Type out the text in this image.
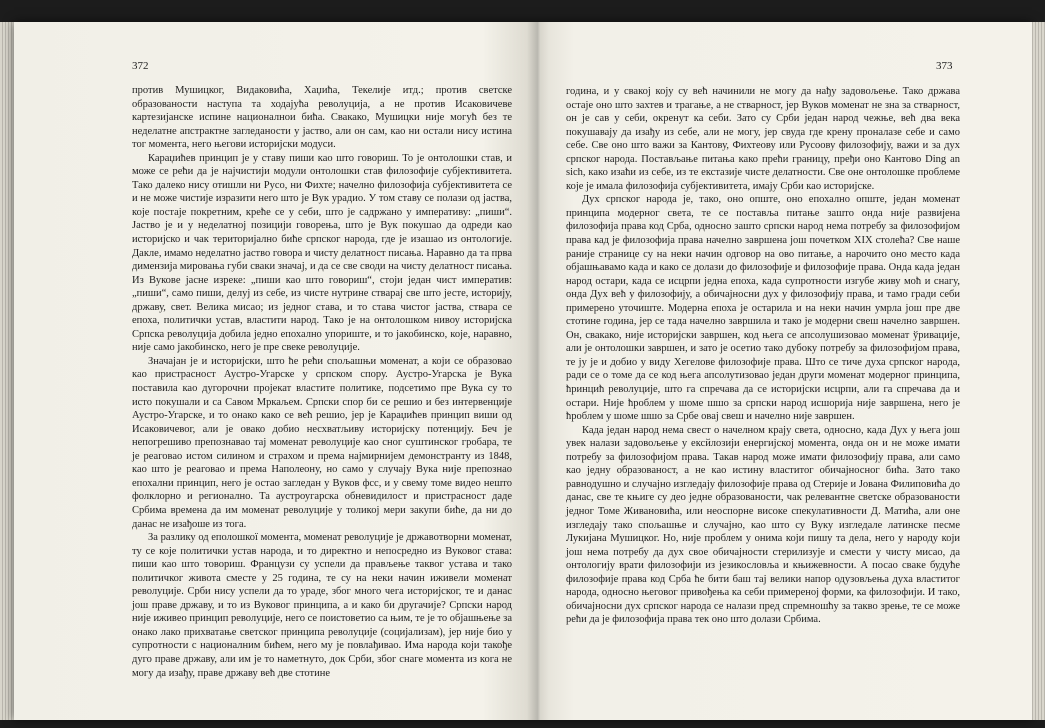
372	373

против Мушицког, Видаковића, Хаџића, Текелије итд.; против светске образованости наступа та ходајућа револуција, а не против Исаковичеве картезијанске испине националнои бића. Свакако, Мушицки није могућ без те неделатне апстрактне загледаности у јаство, али он сам, као ни остали нису истина тог момента, него његови историјски модуси.

Караџићев принцип је у ставу пиши као што говориш. То је онтолошки став, и може се рећи да је најчистији модули онтолошки став филозофије субјективитета. Тако далеко нису отишли ни Русо, ни Фихте; начелно филозофија субјективитета се и не може чистије изразити него што је Вук урадио. У том ставу се полази од јаства, које постаје покретним, креће се у себи, што је садржано у императиву: „пиши“. Јаство је и у неделатној позицији говорења, што је Вук покушао да одреди као историјско и чак територијално биће српског народа, где је изашао из онтологије. Дакле, имамо неделатно јаство говора и чисту делатност писања. Наравно да та прва димензија мировања губи сваки значај, и да се све своди на чисту делатност писања. Из Вукове јасне изреке: „пиши као што говориш“, стоји један чист императив: „пиши“, само пиши, делуј из себе, из чисте нутрине стварај све што јесте, историју, државу, свет. Велика мисао; из једног става, и то става чистог јаства, ствара се епоха, политички устав, властити народ. Тако је на онтолошком нивоу историјска Српска револуција добила једно епохално упориште, и то јакобинско, које, наравно, није само јакобинско, него је пре свеке револуције.

Значајан је и историјски, што ће рећи спољашњи моменат, а који се образовао као пристрасност Аустро-Угарске у српском спору. Аустро-Угарска је Вука поставила као дугорочни пројекат властите политике, подсетимо пре Вука су то исто покушали и са Савом Мркаљем. Српски спор би се решио и без интервенције Аустро-Угарске, и то онако како се већ решио, јер је Караџићев принцип виши од Исаковичевог, али је овако добио несхватљиву историјску потенцију. Беч је непогрешиво препознавао тај моменат револуције као сног суштинског гробара, те је реаговао истом силином и страхом и према најмирнијем демонстранту из 1848, као што је реаговао и према Наполеону, но само у случају Вука није препознао епохални принцип, него је остао загледан у Вуков фсс, и у свему томе видео нешто фолклорно и регионално. Та аустроугарска обневидилост и пристрасност даде Србима времена да им моменат револуције у толикој мери закупи биће, да ни до данас не изађоше из тога.

За разлику од еполошкої момента, моменат револуције је државотворни моменат, ту се које политички устав народа, и то директно и непосредно из Вуковог става: пиши као што товориш. Французи су успели да прављење таквог устава и тако политичког живота сместе у 25 година, те су на неки начин иживели моменат револуције. Срби нису успели да то ураде, због много чега историјског, те и данас још праве државу, и то из Вуковог принципа, а и како би другачије? Српски народ није иживео принцип револуције, него се поистоветио са њим, те је то објашњење за онако лако прихватање светског принципа револуције (социјализам), јер није био у супротности с националним бићем, него му је повлађивао. Има народа који такође дуго праве државу, али им је то наметнуто, док Срби, због снаге момента из кога не могу да изађу, праве државу већ две стотине

година, и у свакој коју су већ начинили не могу да нађу задовољење. Тако држава остаје оно што захтев и трагање, а не стварност, јер Вуков моменат не зна за стварност, он је сав у себи, окренут ка себи. Зато су Срби један народ чежње, већ два века покушавају да изађу из себе, али не могу, јер свуда где крену проналазе себе и само себе. Све оно што важи за Кантову, Фихтеову или Русоову филозофију, важи и за дух српског народа. Постављање питања како прећи границу, пређи оно Кантово Ding an sich, како изаћи из себе, из те екстазије чисте делатности. Све оне онтолошке проблеме које је имала филозофија субјективитета, имају Срби као историјске.

Дух српског народа је, тако, оно опште, оно епохално опште, један моменат принципа модерног света, те се поставља питање зашто онда није развијена филозофија права код Срба, односно зашто српски народ нема потребу за филозофијом права кад је филозофија права начелно завршена још почетком XIX столећа? Све наше раније странице су на неки начин одговор на ово питање, а нарочито оно место када објашњавамо када и како се долази до филозофије и филозофије права. Онда када један народ остари, када се исцрпи једна епоха, када супротности изгубе живу моћ и снагу, онда Дух већ у филозофију, а обичајносни дух у филозофију права, и тамо гради себи примерено уточиште. Модерна епоха је остарила и на неки начин умрла још пре две стотине година, јер се тада начелно завршила и тако је модерни свеш начелно завршен. Он, свакако, није историјски завршен, код њега се апсолушизовао моменат ўривације, али је онтолошки завршен, и зато је осетио тако дубоку потребу за филозофијом права, те ју је и добио у виду Хегелове филозофије права. Што се тиче духа српског народа, ради се о томе да се код њега апсолутизовао један други моменат модерног принципа, ћринцић револуције, што га спречава да се историјски исцрпи, али га спречава да и остари. Није ћроблем у шоме шшо за српски народ исшорија није завршена, него је ћроблем у шоме шшо за Србе овај свеш и начелно није завршен.

Када један народ нема свест о начелном крају света, односно, када Дух у њега још увек налази задовољење у ексйлозији енергијској момента, онда он и не може имати потребу за филозофијом права. Такав народ може имати филозофију права, али само као једну образованост, а не као истину властитог обичајносног бића. Зато тако равнодушно и случајно изгледају филозофије права од Стерије и Јована Филиповића до данас, све те књиге су део једне образованости, чак релевантне светске образованости једног Томе Живановића, или неоспорне високе спекулативности Д. Матића, али оне изгледају тако спољашње и случајно, као што су Вуку изгледале латинске песме Лукијана Мушицког. Но, није проблем у онима који пишу та дела, него у народу који још нема потребу да дух свое обичајности стерилизује и смести у чисту мисао, да онтологију врати филозофији из језикословља и књижевности. А посао свакe будуће филозофије права код Срба ће бити баш тај велики напор одузовљења духа властитог народа, односно његовог привођења ка себи примереној форми, ка филозофији. И тако, обичајносни дух српског народа се налази пред спремношћу за такво зрење, те се може рећи да је филозофија права тек оно што долази Србима.
